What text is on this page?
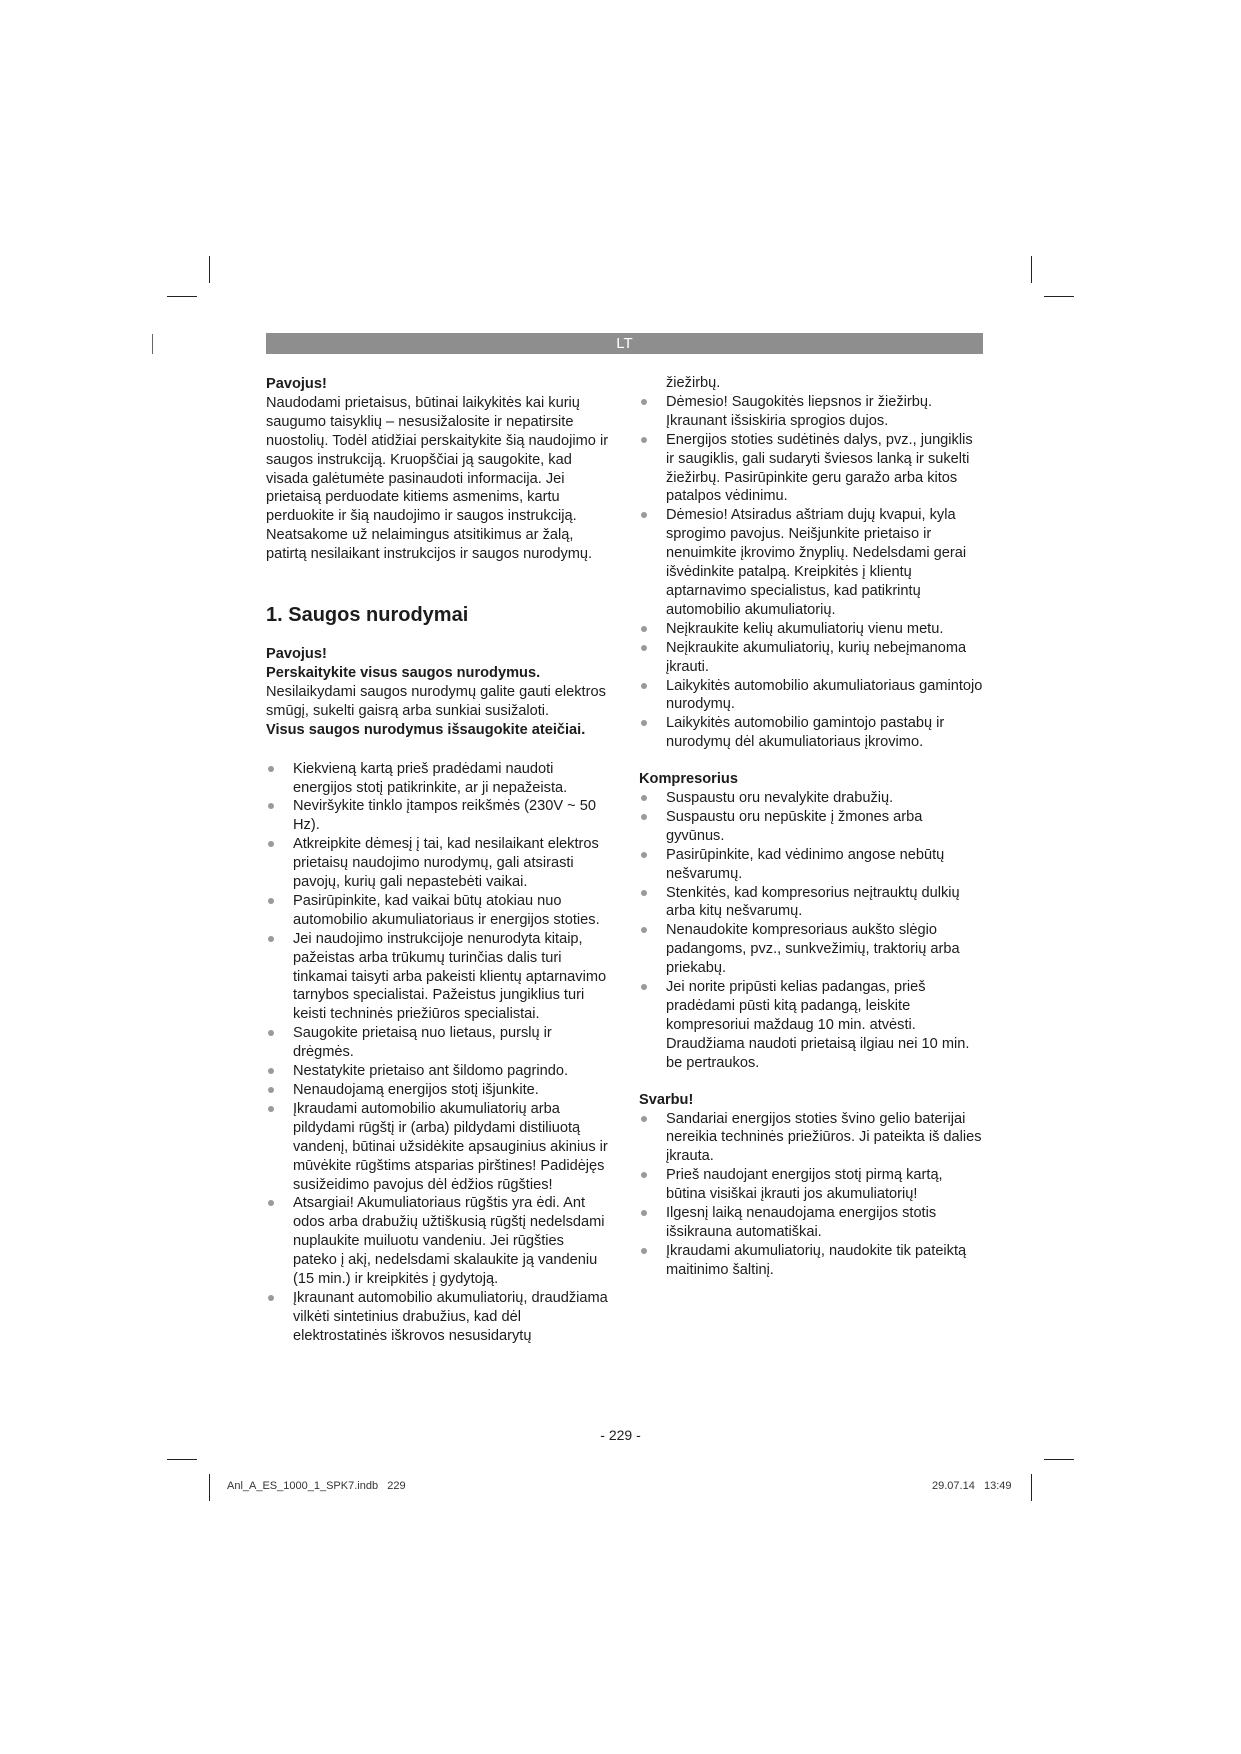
LT

Pavojus!

Naudodami prietaisus, būtinai laikykitės kai kurių saugumo taisyklių – nesusižalosite ir nepatirsite nuostolių. Todėl atidžiai perskaitykite šią naudojimo ir saugos instrukciją. Kruopščiai ją saugokite, kad visada galėtumėte pasinaudoti informacija. Jei prietaisą perduodate kitiems asmenims, kartu perduokite ir šią naudojimo ir saugos instrukciją. Neatsakome už nelaimingus atsitikimus ar žalą, patirtą nesilaikant instrukcijos ir saugos nurodymų.

1. Saugos nurodymai

Pavojus!

Perskaitykite visus saugos nurodymus. Nesilaikydami saugos nurodymų galite gauti elektros smūgį, sukelti gaisrą arba sunkiai susižaloti.

Visus saugos nurodymus išsaugokite ateičiai.

Kiekvieną kartą prieš pradėdami naudoti energijos stotį patikrinkite, ar ji nepažeista.
Neviršykite tinklo įtampos reikšmės (230V ~ 50 Hz).
Atkreipkite dėmesį į tai, kad nesilaikant elektros prietaisų naudojimo nurodymų, gali atsirasti pavojų, kurių gali nepastebėti vaikai.
Pasirūpinkite, kad vaikai būtų atokiau nuo automobilio akumuliatoriaus ir energijos stoties.
Jei naudojimo instrukcijoje nenurodyta kitaip, pažeistas arba trūkumų turinčias dalis turi tinkamai taisyti arba pakeisti klientų aptarnavimo tarnybos specialistai. Pažeistus jungiklius turi keisti techninės priežiūros specialistai.
Saugokite prietaisą nuo lietaus, purslų ir drėgmės.
Nestatykite prietaiso ant šildomo pagrindo.
Nenaudojamą energijos stotį išjunkite.
Įkraudami automobilio akumuliatorių arba pildydami rūgštį ir (arba) pildydami distiliuotą vandenį, būtinai užsidėkite apsauginius akinius ir mūvėkite rūgštims atsparias pirštines! Padidėjęs susižeidimo pavojus dėl ėdžios rūgšties!
Atsargiai! Akumuliatoriaus rūgštis yra ėdi. Ant odos arba drabužių užtiškusią rūgštį nedelsdami nuplaukite muiluotu vandeniu. Jei rūgšties pateko į akį, nedelsdami skalaukite ją vandeniu (15 min.) ir kreipkitės į gydytoją.
Įkraunant automobilio akumuliatorių, draudžiama vilkėti sintetinius drabužius, kad dėl elektrostatinės iškrovos nesusidarytų

žiežirbų.

Dėmesio! Saugokitės liepsnos ir žiežirbų. Įkraunant išsiskiria sprogios dujos.
Energijos stoties sudėtinės dalys, pvz., jungiklis ir saugiklis, gali sudaryti šviesos lanką ir sukelti žiežirbų. Pasirūpinkite geru garažo arba kitos patalpos vėdinimu.
Dėmesio! Atsiradus aštriam dujų kvapui, kyla sprogimo pavojus. Neišjunkite prietaiso ir nenuimkite įkrovimo žnyplių. Nedelsdami gerai išvėdinkite patalpą. Kreipkitės į klientų aptarnavimo specialistus, kad patikrintų automobilio akumuliatorių.
Neįkraukite kelių akumuliatorių vienu metu.
Neįkraukite akumuliatorių, kurių nebeįmanoma įkrauti.
Laikykitės automobilio akumuliatoriaus gamintojo nurodymų.
Laikykitės automobilio gamintojo pastabų ir nurodymų dėl akumuliatoriaus įkrovimo.

Kompresorius

Suspaustu oru nevalykite drabužių.
Suspaustu oru nepūskite į žmones arba gyvūnus.
Pasirūpinkite, kad vėdinimo angose nebūtų nešvarumų.
Stenkitės, kad kompresorius neįtrauktų dulkių arba kitų nešvarumų.
Nenaudokite kompresoriaus aukšto slėgio padangoms, pvz., sunkvežimių, traktorių arba priekabų.
Jei norite pripūsti kelias padangas, prieš pradėdami pūsti kitą padangą, leiskite kompresoriui maždaug 10 min. atvėsti. Draudžiama naudoti prietaisą ilgiau nei 10 min. be pertraukos.

Svarbu!

Sandariai energijos stoties švino gelio baterijai nereikia techninės priežiūros. Ji pateikta iš dalies įkrauta.
Prieš naudojant energijos stotį pirmą kartą, būtina visiškai įkrauti jos akumuliatorių!
Ilgesnį laiką nenaudojama energijos stotis išsikrauna automatiškai.
Įkraudami akumuliatorių, naudokite tik pateiktą maitinimo šaltinį.
- 229 -
Anl_A_ES_1000_1_SPK7.indb   229	29.07.14   13:49
